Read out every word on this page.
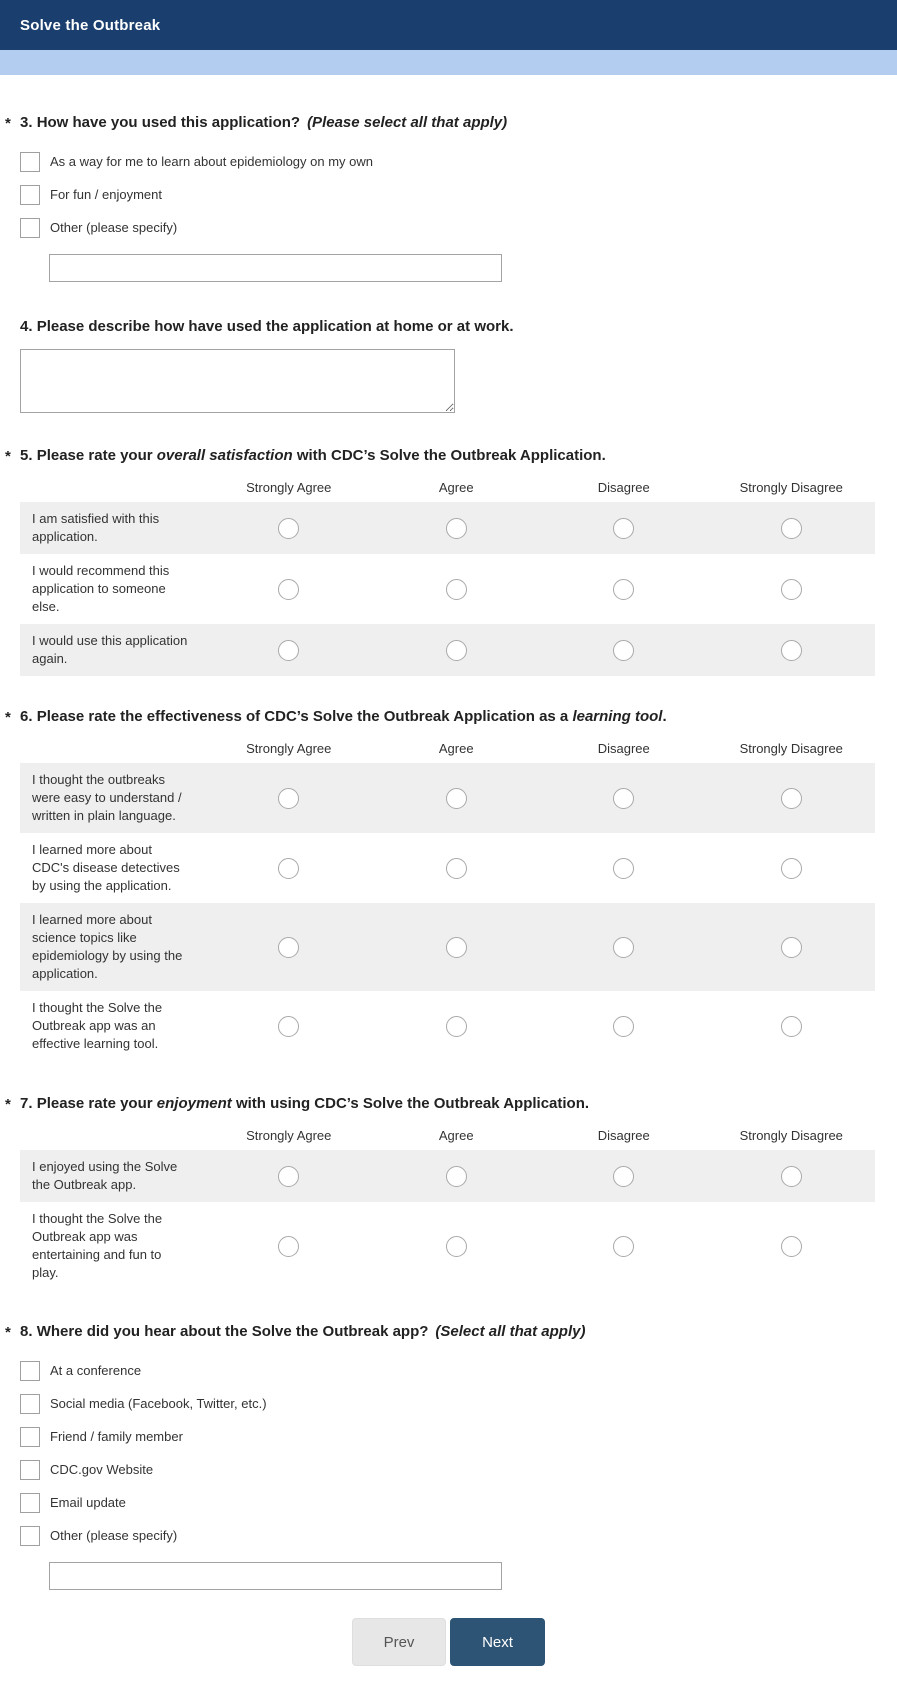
Solve the Outbreak
* 3. How have you used this application? (Please select all that apply)
As a way for me to learn about epidemiology on my own
For fun / enjoyment
Other (please specify)
4. Please describe how have used the application at home or at work.
* 5. Please rate your overall satisfaction with CDC’s Solve the Outbreak Application.
Strongly Agree	Agree	Disagree	Strongly Disagree
I am satisfied with this application.
I would recommend this application to someone else.
I would use this application again.
* 6. Please rate the effectiveness of CDC’s Solve the Outbreak Application as a learning tool.
Strongly Agree	Agree	Disagree	Strongly Disagree
I thought the outbreaks were easy to understand / written in plain language.
I learned more about CDC's disease detectives by using the application.
I learned more about science topics like epidemiology by using the application.
I thought the Solve the Outbreak app was an effective learning tool.
* 7. Please rate your enjoyment with using CDC’s Solve the Outbreak Application.
Strongly Agree	Agree	Disagree	Strongly Disagree
I enjoyed using the Solve the Outbreak app.
I thought the Solve the Outbreak app was entertaining and fun to play.
* 8. Where did you hear about the Solve the Outbreak app? (Select all that apply)
At a conference
Social media (Facebook, Twitter, etc.)
Friend / family member
CDC.gov Website
Email update
Other (please specify)
Prev	Next
